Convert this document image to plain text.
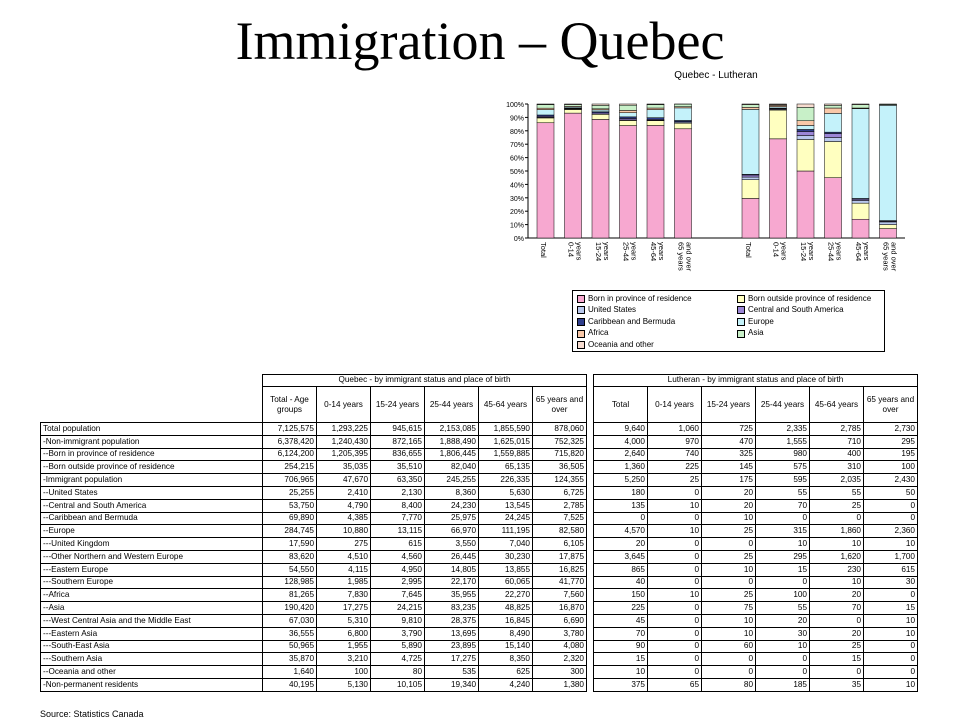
Immigration – Quebec
Quebec - Lutheran
0%
10%
20%
30%
40%
50%
60%
70%
80%
90%
100%
Total 0-14 years 15-24 years 25-44 years 45-64 years 65 years and over	Total 0-14 years 15-24 years 25-44 years 45-64 years 65 years and over
Born in province of residence	Born outside province of residence
United States	Central and South America
Caribbean and Bermuda	Europe
Africa	Asia
Oceania and other
	Quebec - by immigrant status and place of birth							Lutheran - by immigrant status and place of birth					
	Total - Age groups	0-14 years	15-24 years	25-44 years	45-64 years	65 years and over		Total	0-14 years	15-24 years	25-44 years	45-64 years	65 years and over
Total population	7,125,575	1,293,225	945,615	2,153,085	1,855,590	878,060		9,640	1,060	725	2,335	2,785	2,730
-Non-immigrant population	6,378,420	1,240,430	872,165	1,888,490	1,625,015	752,325		4,000	970	470	1,555	710	295
--Born in province of residence	6,124,200	1,205,395	836,655	1,806,445	1,559,885	715,820		2,640	740	325	980	400	195
--Born outside province of residence	254,215	35,035	35,510	82,040	65,135	36,505		1,360	225	145	575	310	100
-Immigrant population	706,965	47,670	63,350	245,255	226,335	124,355		5,250	25	175	595	2,035	2,430
--United States	25,255	2,410	2,130	8,360	5,630	6,725		180	0	20	55	55	50
--Central and South America	53,750	4,790	8,400	24,230	13,545	2,785		135	10	20	70	25	0
--Caribbean and Bermuda	69,890	4,385	7,770	25,975	24,245	7,525		0	0	10	0	0	0
--Europe	284,745	10,880	13,115	66,970	111,195	82,580		4,570	10	25	315	1,860	2,360
---United Kingdom	17,590	275	615	3,550	7,040	6,105		20	0	0	10	10	10
---Other Northern and Western Europe	83,620	4,510	4,560	26,445	30,230	17,875		3,645	0	25	295	1,620	1,700
---Eastern Europe	54,550	4,115	4,950	14,805	13,855	16,825		865	0	10	15	230	615
---Southern Europe	128,985	1,985	2,995	22,170	60,065	41,770		40	0	0	0	10	30
--Africa	81,265	7,830	7,645	35,955	22,270	7,560		150	10	25	100	20	0
--Asia	190,420	17,275	24,215	83,235	48,825	16,870		225	0	75	55	70	15
---West Central Asia and the Middle East	67,030	5,310	9,810	28,375	16,845	6,690		45	0	10	20	0	10
---Eastern Asia	36,555	6,800	3,790	13,695	8,490	3,780		70	0	10	30	20	10
---South-East Asia	50,965	1,955	5,890	23,895	15,140	4,080		90	0	60	10	25	0
---Southern Asia	35,870	3,210	4,725	17,275	8,350	2,320		15	0	0	0	15	0
--Oceania and other	1,640	100	80	535	625	300		10	0	0	0	0	0
-Non-permanent residents	40,195	5,130	10,105	19,340	4,240	1,380		375	65	80	185	35	10
Source: Statistics Canada
